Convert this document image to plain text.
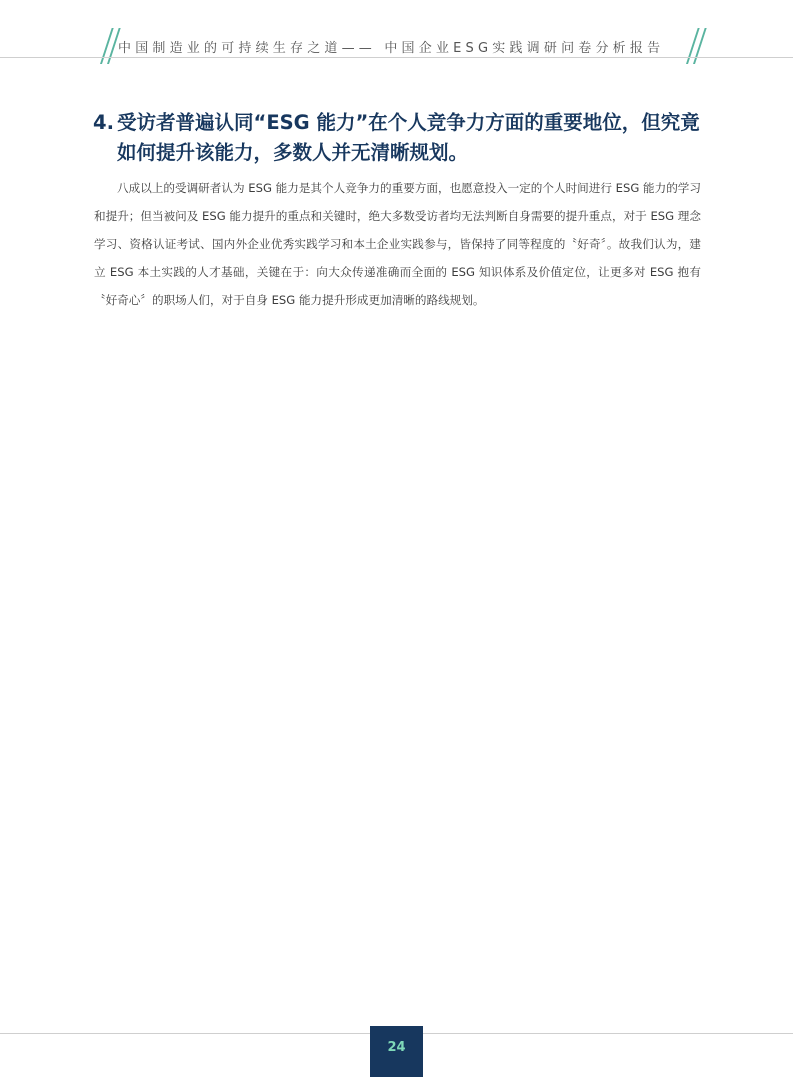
中国制造业的可持续生存之道—— 中国企业ESG实践调研问卷分析报告
4. 受访者普遍认同“ESG 能力”在个人竞争力方面的重要地位，但究竟
如何提升该能力，多数人并无清晰规划。

八成以上的受调研者认为 ESG 能力是其个人竞争力的重要方面，也愿意投入一定的个人时间进行 ESG 能力的学习和提升；但当被问及 ESG 能力提升的重点和关键时，绝大多数受访者均无法判断自身需要的提升重点，对于 ESG 理念学习、资格认证考试、国内外企业优秀实践学习和本土企业实践参与，皆保持了同等程度的〝好奇〞。故我们认为，建立 ESG 本土实践的人才基础，关键在于：向大众传递准确而全面的 ESG 知识体系及价值定位，让更多对 ESG 抱有〝好奇心〞的职场人们，对于自身 ESG 能力提升形成更加清晰的路线规划。

24
